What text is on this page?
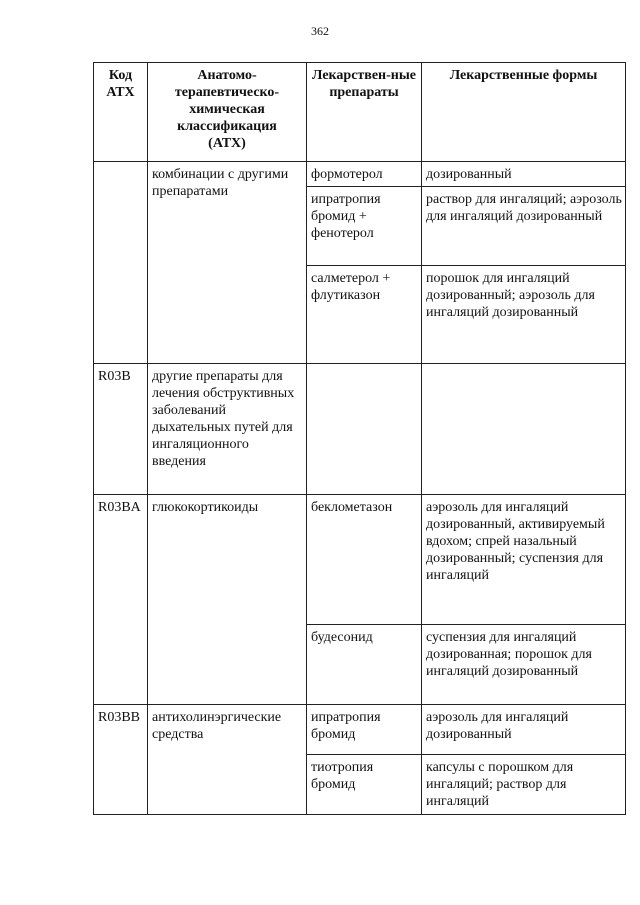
362
Код АТХ	Анатомо-терапевтическо-химическая классификация (АТХ)	Лекарствен-ные препараты	Лекарственные формы
	комбинации с другими препаратами	формотерол	дозированный
		ипратропия бромид + фенотерол	раствор для ингаляций; аэрозоль для ингаляций дозированный
		салметерол + флутиказон	порошок для ингаляций дозированный; аэрозоль для ингаляций дозированный
R03B	другие препараты для лечения обструктивных заболеваний дыхательных путей для ингаляционного введения		
R03BA	глюкокортикоиды	беклометазон	аэрозоль для ингаляций дозированный, активируемый вдохом; спрей назальный дозированный; суспензия для ингаляций
		будесонид	суспензия для ингаляций дозированная; порошок для ингаляций дозированный
R03BB	антихолинэргические средства	ипратропия бромид	аэрозоль для ингаляций дозированный
		тиотропия бромид	капсулы с порошком для ингаляций; раствор для ингаляций
